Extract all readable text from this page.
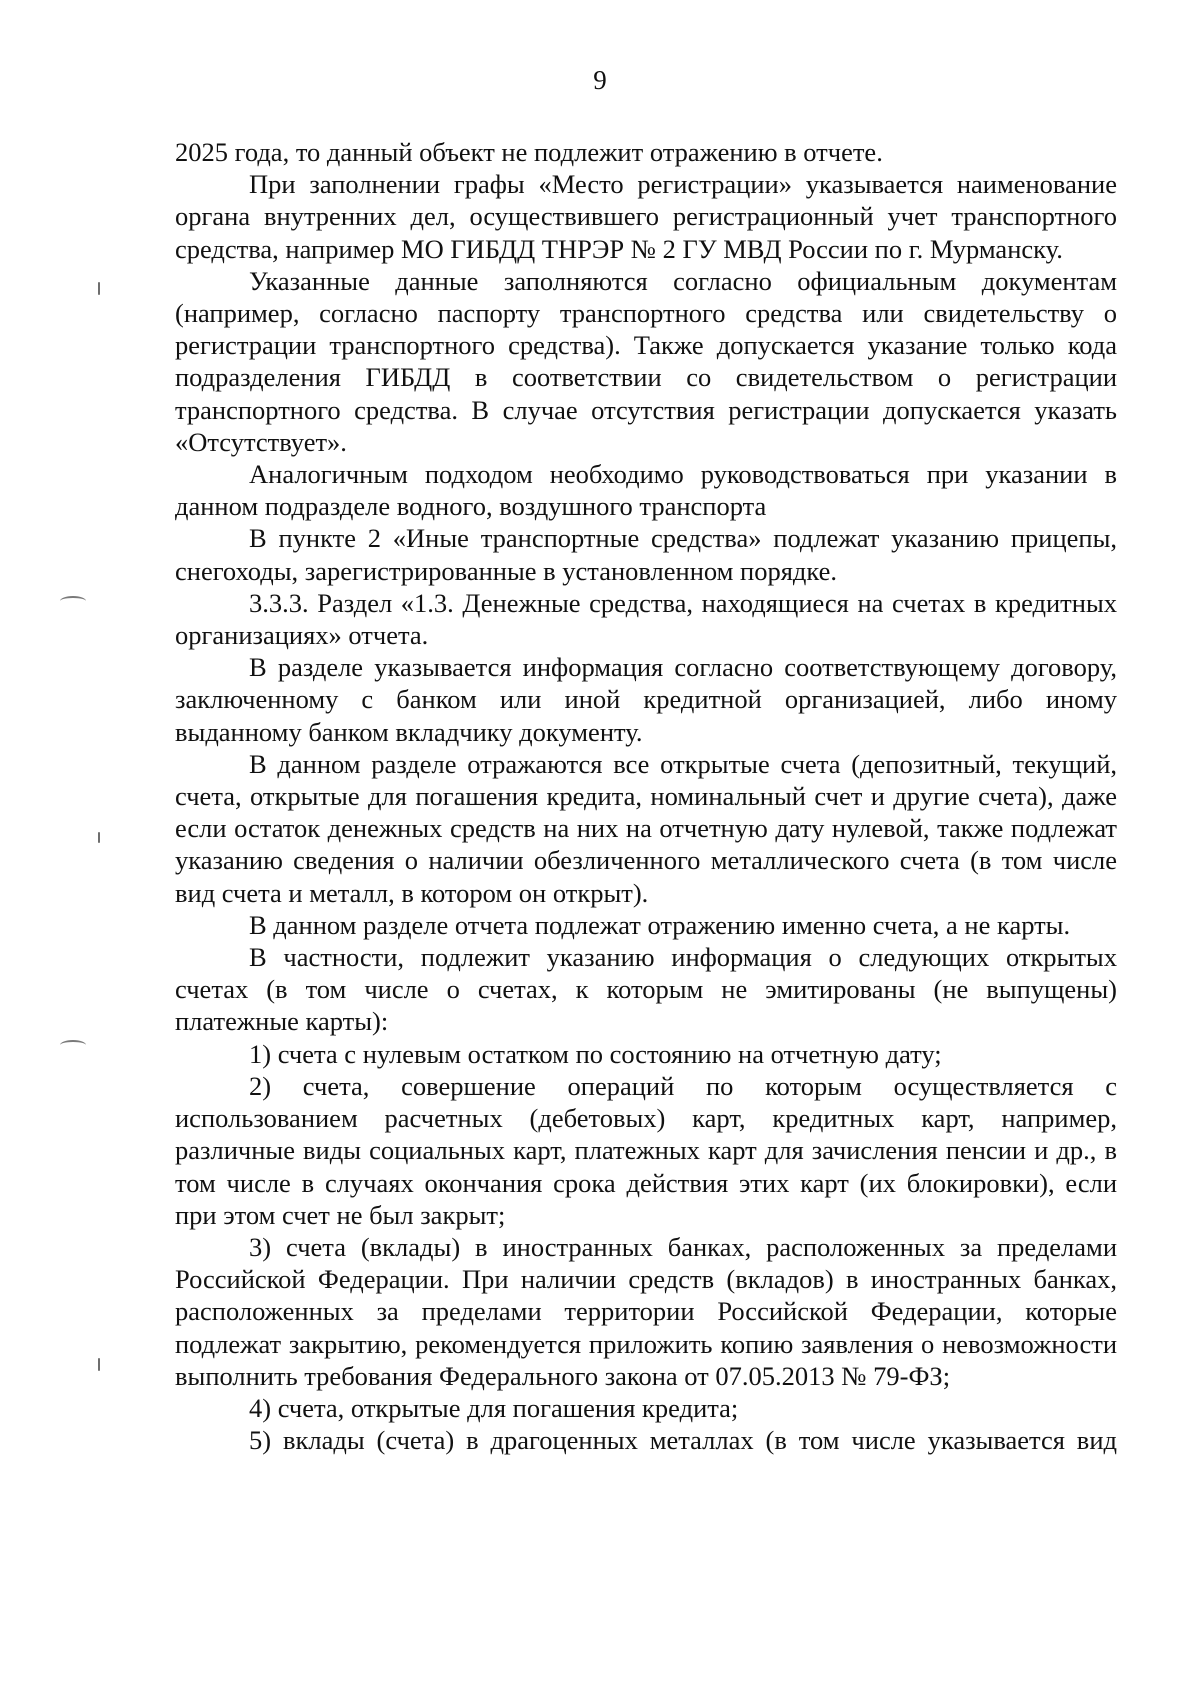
9

2025 года, то данный объект не подлежит отражению в отчете.

При заполнении графы «Место регистрации» указывается наименование органа внутренних дел, осуществившего регистрационный учет транспортного средства, например МО ГИБДД ТНРЭР № 2 ГУ МВД России по г. Мурманску.

Указанные данные заполняются согласно официальным документам (например, согласно паспорту транспортного средства или свидетельству о регистрации транспортного средства). Также допускается указание только кода подразделения ГИБДД в соответствии со свидетельством о регистрации транспортного средства. В случае отсутствия регистрации допускается указать «Отсутствует».

Аналогичным подходом необходимо руководствоваться при указании в данном подразделе водного, воздушного транспорта

В пункте 2 «Иные транспортные средства» подлежат указанию прицепы, снегоходы, зарегистрированные в установленном порядке.

3.3.3. Раздел «1.3. Денежные средства, находящиеся на счетах в кредитных организациях» отчета.

В разделе указывается информация согласно соответствующему договору, заключенному с банком или иной кредитной организацией, либо иному выданному банком вкладчику документу.

В данном разделе отражаются все открытые счета (депозитный, текущий, счета, открытые для погашения кредита, номинальный счет и другие счета), даже если остаток денежных средств на них на отчетную дату нулевой, также подлежат указанию сведения о наличии обезличенного металлического счета (в том числе вид счета и металл, в котором он открыт).

В данном разделе отчета подлежат отражению именно счета, а не карты.

В частности, подлежит указанию информация о следующих открытых счетах (в том числе о счетах, к которым не эмитированы (не выпущены) платежные карты):

1) счета с нулевым остатком по состоянию на отчетную дату;

2) счета, совершение операций по которым осуществляется с использованием расчетных (дебетовых) карт, кредитных карт, например, различные виды социальных карт, платежных карт для зачисления пенсии и др., в том числе в случаях окончания срока действия этих карт (их блокировки), если при этом счет не был закрыт;

3) счета (вклады) в иностранных банках, расположенных за пределами Российской Федерации. При наличии средств (вкладов) в иностранных банках, расположенных за пределами территории Российской Федерации, которые подлежат закрытию, рекомендуется приложить копию заявления о невозможности выполнить требования Федерального закона от 07.05.2013 № 79-ФЗ;

4) счета, открытые для погашения кредита;

5) вклады (счета) в драгоценных металлах (в том числе указывается вид
